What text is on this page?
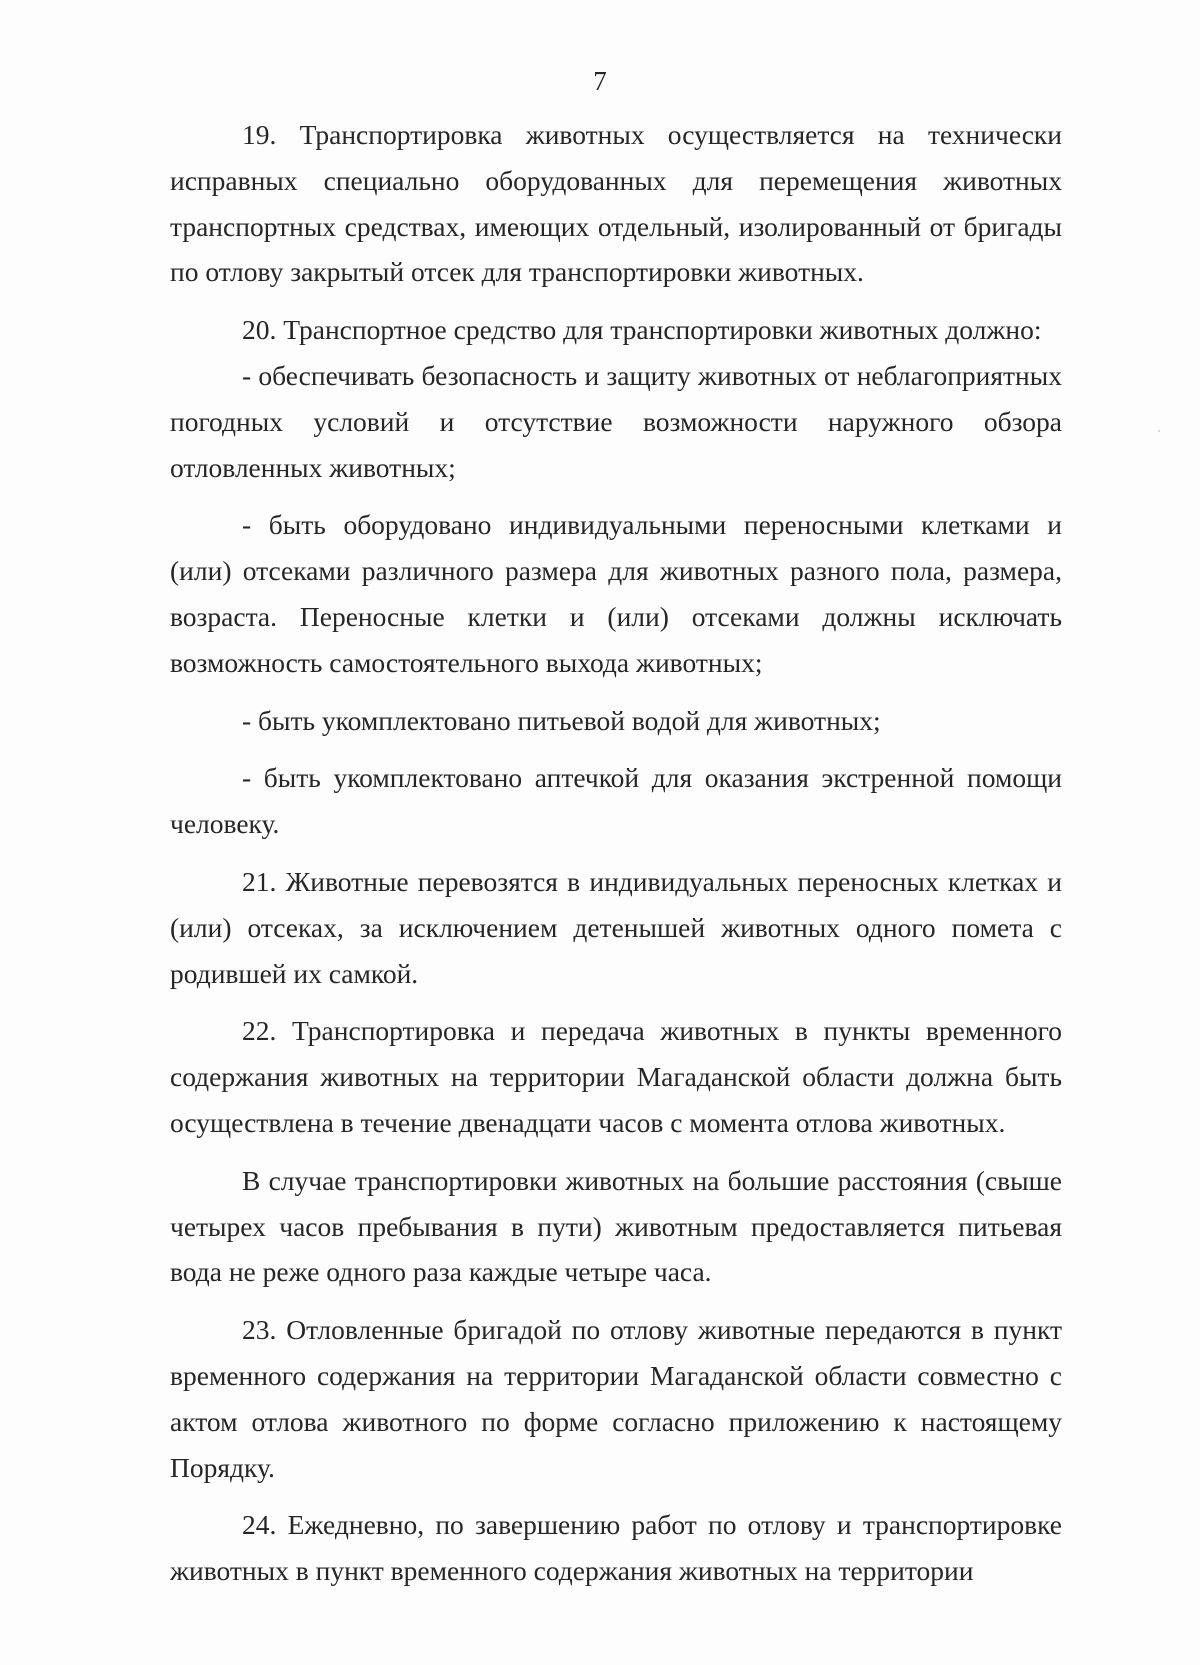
7

19. Транспортировка животных осуществляется на технически исправных специально оборудованных для перемещения животных транспортных средствах, имеющих отдельный, изолированный от бригады по отлову закрытый отсек для транспортировки животных.

20. Транспортное средство для транспортировки животных должно:

- обеспечивать безопасность и защиту животных от неблагоприятных погодных условий и отсутствие возможности наружного обзора отловленных животных;

- быть оборудовано индивидуальными переносными клетками и (или) отсеками различного размера для животных разного пола, размера, возраста. Переносные клетки и (или) отсеками должны исключать возможность самостоятельного выхода животных;

- быть укомплектовано питьевой водой для животных;

- быть укомплектовано аптечкой для оказания экстренной помощи человеку.

21. Животные перевозятся в индивидуальных переносных клетках и (или) отсеках, за исключением детенышей животных одного помета с родившей их самкой.

22. Транспортировка и передача животных в пункты временного содержания животных на территории Магаданской области должна быть осуществлена в течение двенадцати часов с момента отлова животных.

В случае транспортировки животных на большие расстояния (свыше четырех часов пребывания в пути) животным предоставляется питьевая вода не реже одного раза каждые четыре часа.

23. Отловленные бригадой по отлову животные передаются в пункт временного содержания на территории Магаданской области совместно с актом отлова животного по форме согласно приложению к настоящему Порядку.

24. Ежедневно, по завершению работ по отлову и транспортировке животных в пункт временного содержания животных на территории
